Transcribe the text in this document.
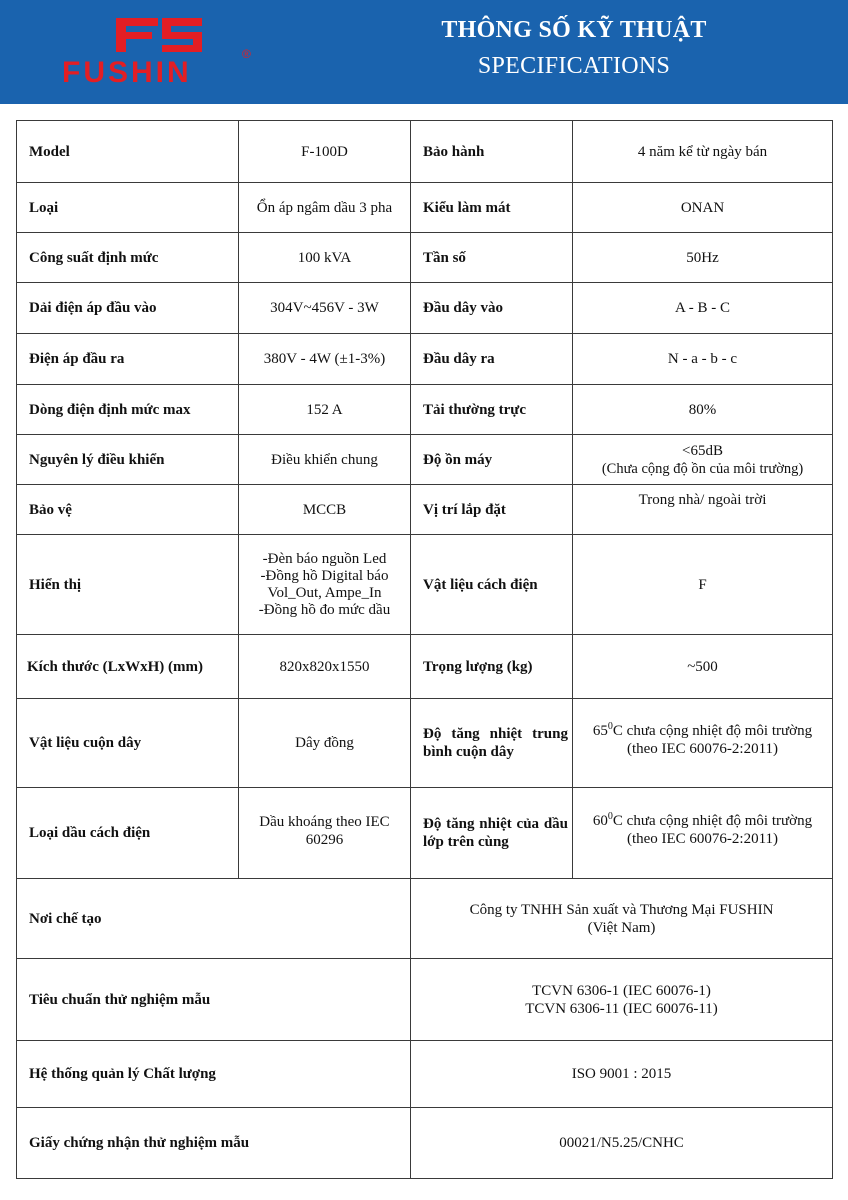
FUSHIN
®
THÔNG SỐ KỸ THUẬT
SPECIFICATIONS
Model	F-100D	Bảo hành	4 năm kể từ ngày bán
Loại	Ổn áp ngâm dầu 3 pha	Kiểu làm mát	ONAN
Công suất định mức	100 kVA	Tần số	50Hz
Dải điện áp đầu vào	304V~456V - 3W	Đầu dây vào	A - B - C
Điện áp đầu ra	380V - 4W (±1-3%)	Đầu dây ra	N - a - b - c
Dòng điện định mức max	152 A	Tải thường trực	80%
Nguyên lý điều khiển	Điều khiển chung	Độ ồn máy	<65dB
(Chưa cộng độ ồn của môi trường)

Bảo vệ	MCCB	Vị trí lắp đặt	Trong nhà/ ngoài trời
Hiển thị	-Đèn báo nguồn Led
-Đồng hồ Digital báo
Vol_Out, Ampe_In
-Đồng hồ đo mức dầu	Vật liệu cách điện	F
Kích thước (LxWxH) (mm)	820x820x1550	Trọng lượng (kg)	~500
Vật liệu cuộn dây	Dây đồng	Độ tăng nhiệt trung bình cuộn dây	$65^0C$ chưa cộng nhiệt độ môi trường
(theo IEC 60076-2:2011)

Loại dầu cách điện	Dầu khoáng theo IEC 60296	Độ tăng nhiệt của dầu lớp trên cùng	$60^0C$ chưa cộng nhiệt độ môi trường
(theo IEC 60076-2:2011)

Nơi chế tạo		Công ty TNHH Sản xuất và Thương Mại FUSHIN
(Việt Nam)	

Tiêu chuẩn thử nghiệm mẫu		TCVN 6306-1 (IEC 60076-1)
TCVN 6306-11 (IEC 60076-11)	

Hệ thống quản lý Chất lượng		ISO 9001 : 2015	
Giấy chứng nhận thử nghiệm mẫu		00021/N5.25/CNHC	
